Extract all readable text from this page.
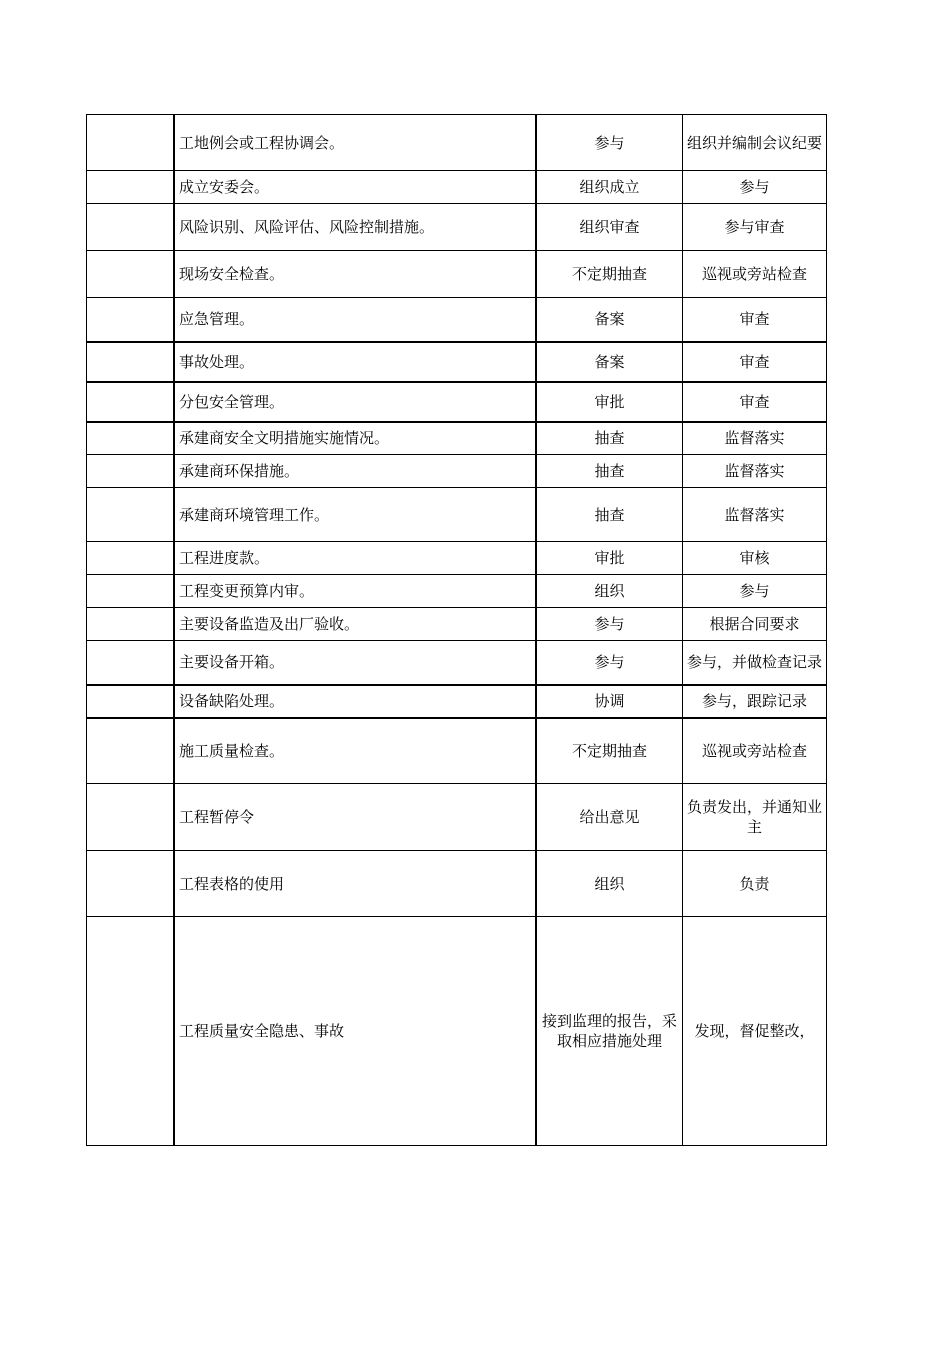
	工地例会或工程协调会。	参与	组织并编制会议纪要
	成立安委会。	组织成立	参与
	风险识别、风险评估、风险控制措施。	组织审查	参与审查
	现场安全检查。	不定期抽查	巡视或旁站检查
	应急管理。	备案	审查
	事故处理。	备案	审查
	分包安全管理。	审批	审查
	承建商安全文明措施实施情况。	抽查	监督落实
	承建商环保措施。	抽查	监督落实
	承建商环境管理工作。	抽查	监督落实
	工程进度款。	审批	审核
	工程变更预算内审。	组织	参与
	主要设备监造及出厂验收。	参与	根据合同要求
	主要设备开箱。	参与	参与，并做检查记录
	设备缺陷处理。	协调	参与，跟踪记录
	施工质量检查。	不定期抽查	巡视或旁站检查
	工程暂停令	给出意见	负责发出，并通知业主
	工程表格的使用	组织	负责
	工程质量安全隐患、事故	接到监理的报告，采取相应措施处理	发现，督促整改，
